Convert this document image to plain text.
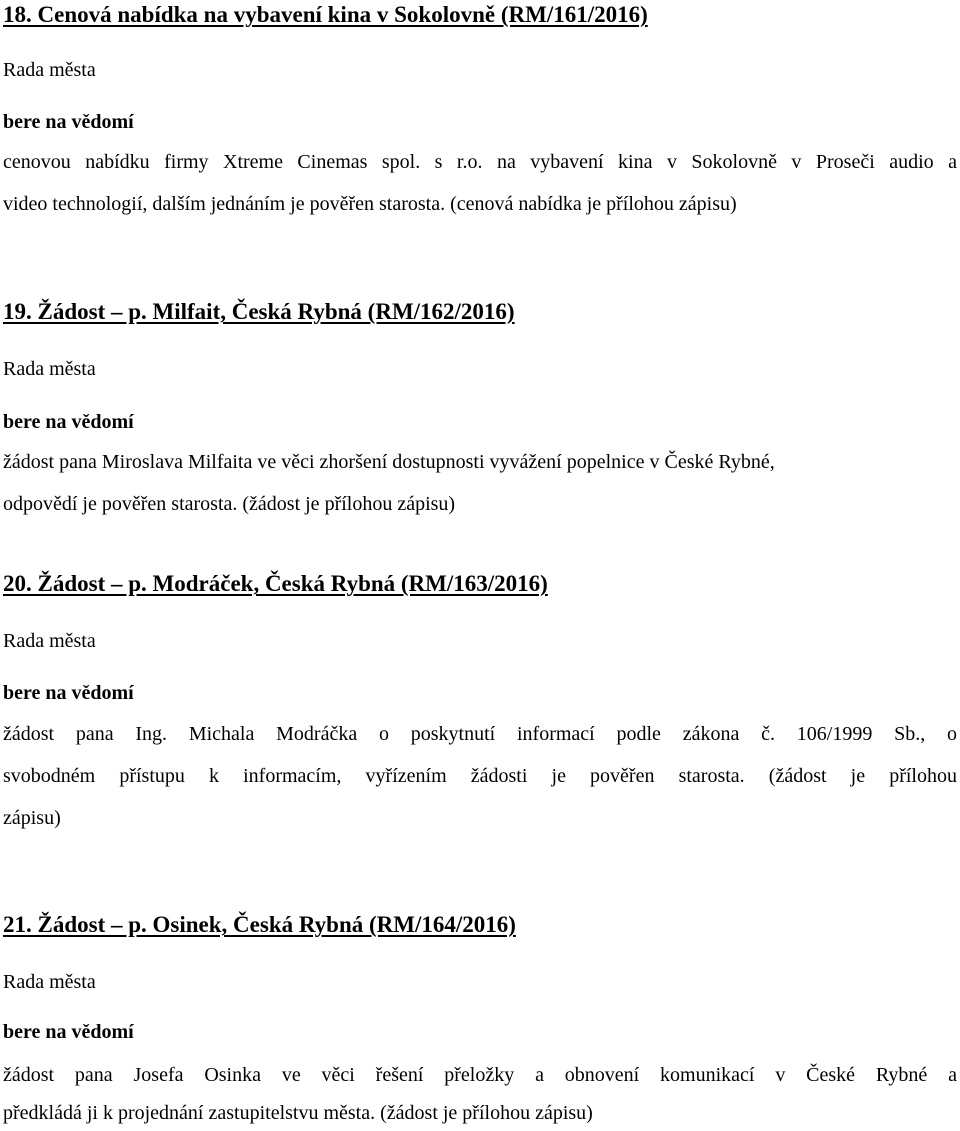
18. Cenová nabídka na vybavení kina v Sokolovně (RM/161/2016)
Rada města
bere na vědomí
cenovou nabídku firmy Xtreme Cinemas spol. s r.o. na vybavení kina v Sokolovně v Proseči audio a
video technologií, dalším jednáním je pověřen starosta. (cenová nabídka je přílohou zápisu)
19. Žádost – p. Milfait, Česká Rybná (RM/162/2016)
Rada města
bere na vědomí
žádost pana Miroslava Milfaita ve věci zhoršení dostupnosti vyvážení popelnice v České Rybné,
odpovědí je pověřen starosta. (žádost je přílohou zápisu)
20. Žádost – p. Modráček, Česká Rybná (RM/163/2016)
Rada města
bere na vědomí
žádost pana Ing. Michala Modráčka o poskytnutí informací podle zákona č. 106/1999 Sb., o
svobodném přístupu k informacím, vyřízením žádosti je pověřen starosta. (žádost je přílohou
zápisu)
21. Žádost – p. Osinek, Česká Rybná (RM/164/2016)
Rada města
bere na vědomí
žádost pana Josefa Osinka ve věci řešení přeložky a obnovení komunikací v České Rybné a
předkládá ji k projednání zastupitelstvu města. (žádost je přílohou zápisu)
